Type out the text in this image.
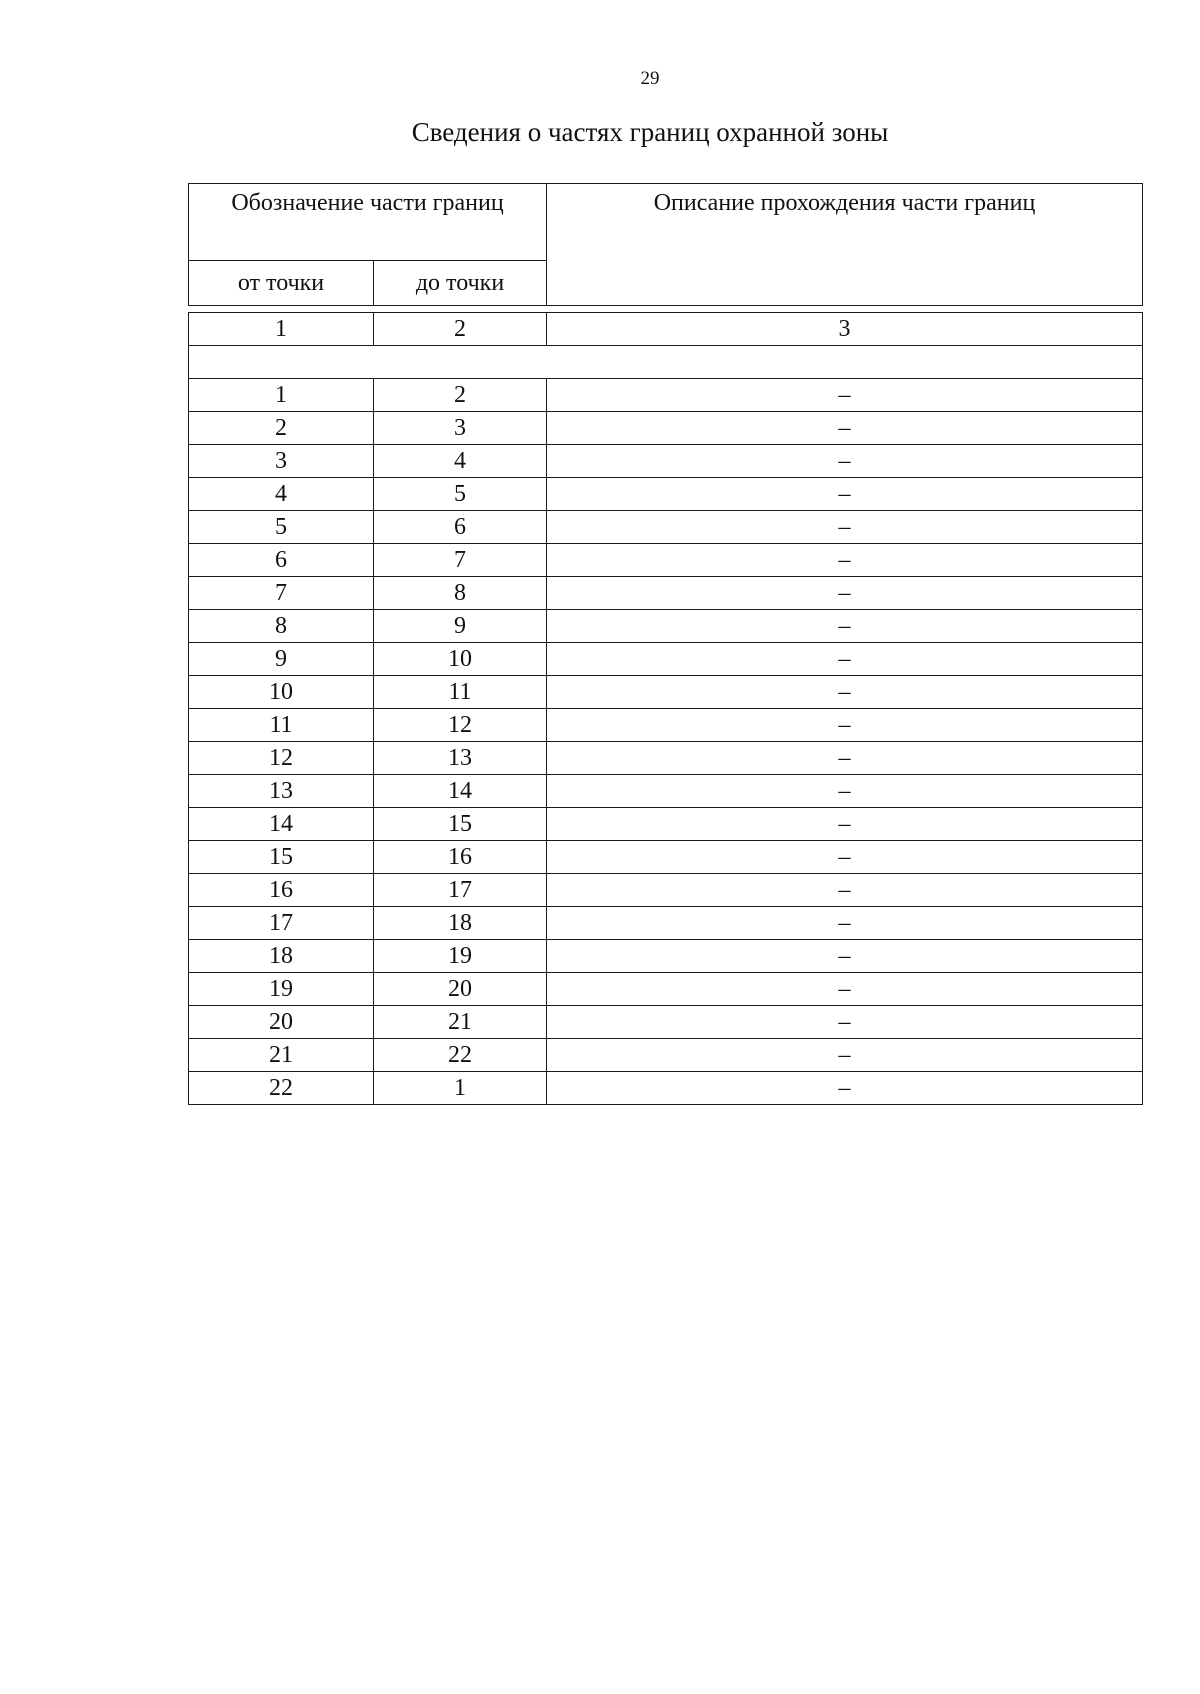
29
Сведения о частях границ охранной зоны
Обозначение части границ		Описание прохождения части границ
от точки	до точки	
1	2	3

1	2	–
2	3	–
3	4	–
4	5	–
5	6	–
6	7	–
7	8	–
8	9	–
9	10	–
10	11	–
11	12	–
12	13	–
13	14	–
14	15	–
15	16	–
16	17	–
17	18	–
18	19	–
19	20	–
20	21	–
21	22	–
22	1	–
